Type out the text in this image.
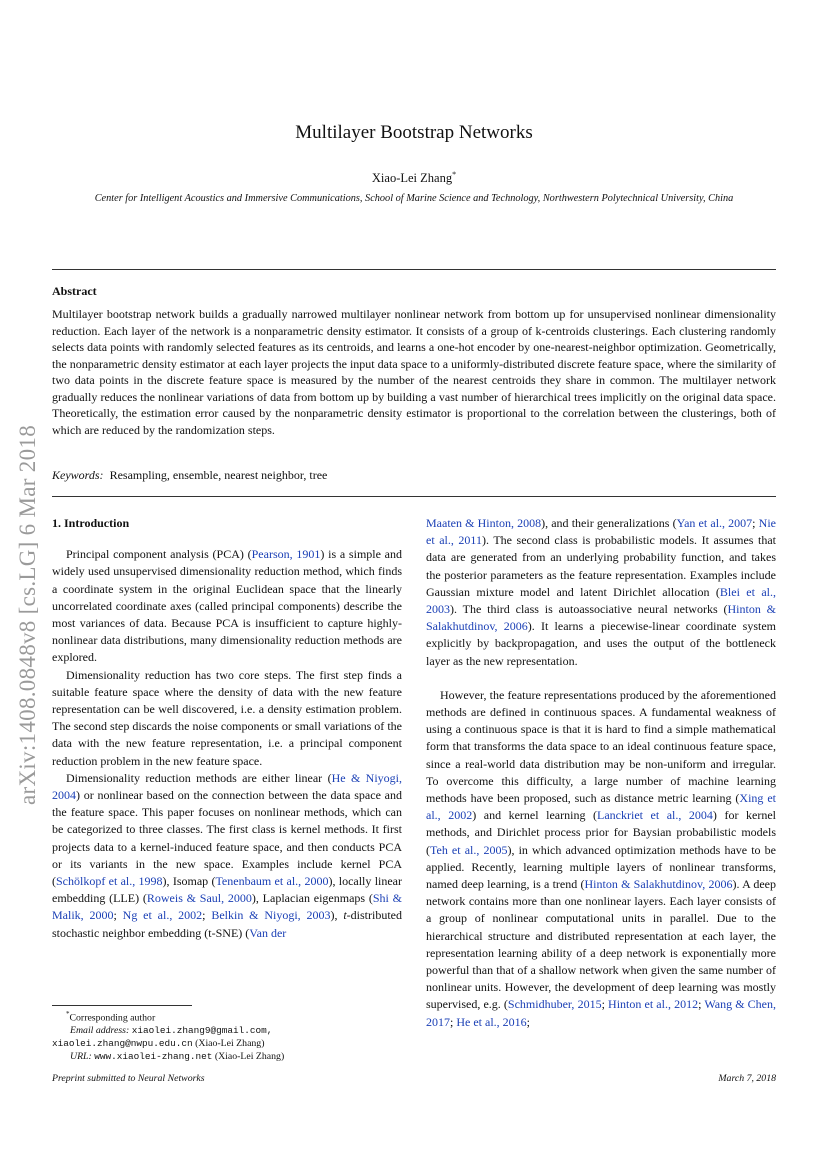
arXiv:1408.0848v8 [cs.LG] 6 Mar 2018
Multilayer Bootstrap Networks
Xiao-Lei Zhang*
Center for Intelligent Acoustics and Immersive Communications, School of Marine Science and Technology, Northwestern Polytechnical University, China
Abstract
Multilayer bootstrap network builds a gradually narrowed multilayer nonlinear network from bottom up for unsupervised nonlinear dimensionality reduction. Each layer of the network is a nonparametric density estimator. It consists of a group of k-centroids clusterings. Each clustering randomly selects data points with randomly selected features as its centroids, and learns a one-hot encoder by one-nearest-neighbor optimization. Geometrically, the nonparametric density estimator at each layer projects the input data space to a uniformly-distributed discrete feature space, where the similarity of two data points in the discrete feature space is measured by the number of the nearest centroids they share in common. The multilayer network gradually reduces the nonlinear variations of data from bottom up by building a vast number of hierarchical trees implicitly on the original data space. Theoretically, the estimation error caused by the nonparametric density estimator is proportional to the correlation between the clusterings, both of which are reduced by the randomization steps.
Keywords: Resampling, ensemble, nearest neighbor, tree
1. Introduction

Principal component analysis (PCA) (Pearson, 1901) is a simple and widely used unsupervised dimensionality reduction method, which finds a coordinate system in the original Euclidean space that the linearly uncorrelated coordinate axes (called principal components) describe the most variances of data. Because PCA is insufficient to capture highly-nonlinear data distributions, many dimensionality reduction methods are explored.

Dimensionality reduction has two core steps. The first step finds a suitable feature space where the density of data with the new feature representation can be well discovered, i.e. a density estimation problem. The second step discards the noise components or small variations of the data with the new feature representation, i.e. a principal component reduction problem in the new feature space.

Dimensionality reduction methods are either linear (He & Niyogi, 2004) or nonlinear based on the connection between the data space and the feature space. This paper focuses on nonlinear methods, which can be categorized to three classes. The first class is kernel methods. It first projects data to a kernel-induced feature space, and then conducts PCA or its variants in the new space. Examples include kernel PCA (Schölkopf et al., 1998), Isomap (Tenenbaum et al., 2000), locally linear embedding (LLE) (Roweis & Saul, 2000), Laplacian eigenmaps (Shi & Malik, 2000; Ng et al., 2002; Belkin & Niyogi, 2003), t-distributed stochastic neighbor embedding (t-SNE) (Van der

Maaten & Hinton, 2008), and their generalizations (Yan et al., 2007; Nie et al., 2011). The second class is probabilistic models. It assumes that data are generated from an underlying probability function, and takes the posterior parameters as the feature representation. Examples include Gaussian mixture model and latent Dirichlet allocation (Blei et al., 2003). The third class is autoassociative neural networks (Hinton & Salakhutdinov, 2006). It learns a piecewise-linear coordinate system explicitly by backpropagation, and uses the output of the bottleneck layer as the new representation.

However, the feature representations produced by the aforementioned methods are defined in continuous spaces. A fundamental weakness of using a continuous space is that it is hard to find a simple mathematical form that transforms the data space to an ideal continuous feature space, since a real-world data distribution may be non-uniform and irregular. To overcome this difficulty, a large number of machine learning methods have been proposed, such as distance metric learning (Xing et al., 2002) and kernel learning (Lanckriet et al., 2004) for kernel methods, and Dirichlet process prior for Baysian probabilistic models (Teh et al., 2005), in which advanced optimization methods have to be applied. Recently, learning multiple layers of nonlinear transforms, named deep learning, is a trend (Hinton & Salakhutdinov, 2006). A deep network contains more than one nonlinear layers. Each layer consists of a group of nonlinear computational units in parallel. Due to the hierarchical structure and distributed representation at each layer, the representation learning ability of a deep network is exponentially more powerful than that of a shallow network when given the same number of nonlinear units. However, the development of deep learning was mostly supervised, e.g. (Schmidhuber, 2015; Hinton et al., 2012; Wang & Chen, 2017; He et al., 2016;

*Corresponding author
Email address: xiaolei.zhang9@gmail.com,
xiaolei.zhang@nwpu.edu.cn (Xiao-Lei Zhang)
URL: www.xiaolei-zhang.net (Xiao-Lei Zhang)
Preprint submitted to Neural Networks	March 7, 2018
